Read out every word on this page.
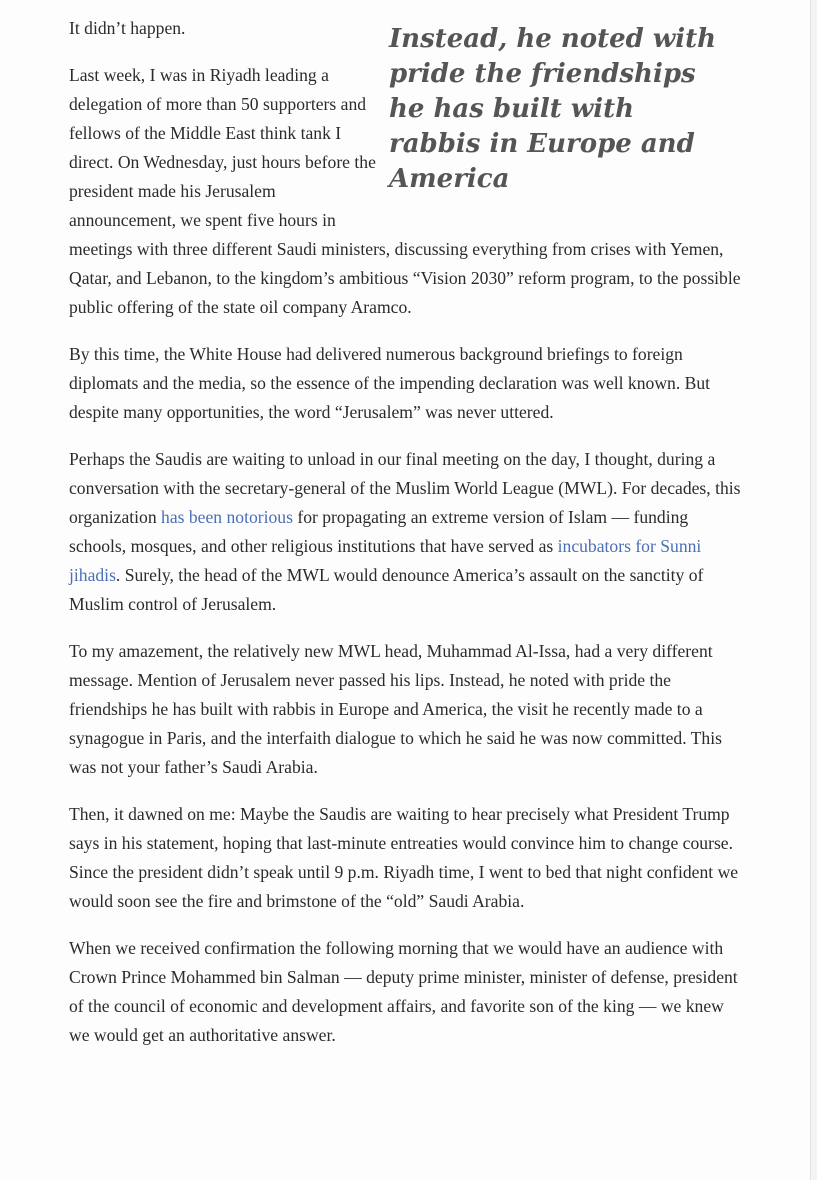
Instead, he noted with pride the friendships he has built with rabbis in Europe and America

It didn’t happen.

Last week, I was in Riyadh leading a delegation of more than 50 supporters and fellows of the Middle East think tank I direct. On Wednesday, just hours before the president made his Jerusalem announcement, we spent five hours in meetings with three different Saudi ministers, discussing everything from crises with Yemen, Qatar, and Lebanon, to the kingdom’s ambitious “Vision 2030” reform program, to the possible public offering of the state oil company Aramco.

By this time, the White House had delivered numerous background briefings to foreign diplomats and the media, so the essence of the impending declaration was well known. But despite many opportunities, the word “Jerusalem” was never uttered.

Perhaps the Saudis are waiting to unload in our final meeting on the day, I thought, during a conversation with the secretary-general of the Muslim World League (MWL). For decades, this organization has been notorious for propagating an extreme version of Islam — funding schools, mosques, and other religious institutions that have served as incubators for Sunni jihadis. Surely, the head of the MWL would denounce America’s assault on the sanctity of Muslim control of Jerusalem.

To my amazement, the relatively new MWL head, Muhammad Al-Issa, had a very different message. Mention of Jerusalem never passed his lips. Instead, he noted with pride the friendships he has built with rabbis in Europe and America, the visit he recently made to a synagogue in Paris, and the interfaith dialogue to which he said he was now committed. This was not your father’s Saudi Arabia.

Then, it dawned on me: Maybe the Saudis are waiting to hear precisely what President Trump says in his statement, hoping that last-minute entreaties would convince him to change course. Since the president didn’t speak until 9 p.m. Riyadh time, I went to bed that night confident we would soon see the fire and brimstone of the “old” Saudi Arabia.

When we received confirmation the following morning that we would have an audience with Crown Prince Mohammed bin Salman — deputy prime minister, minister of defense, president of the council of economic and development affairs, and favorite son of the king — we knew we would get an authoritative answer.
